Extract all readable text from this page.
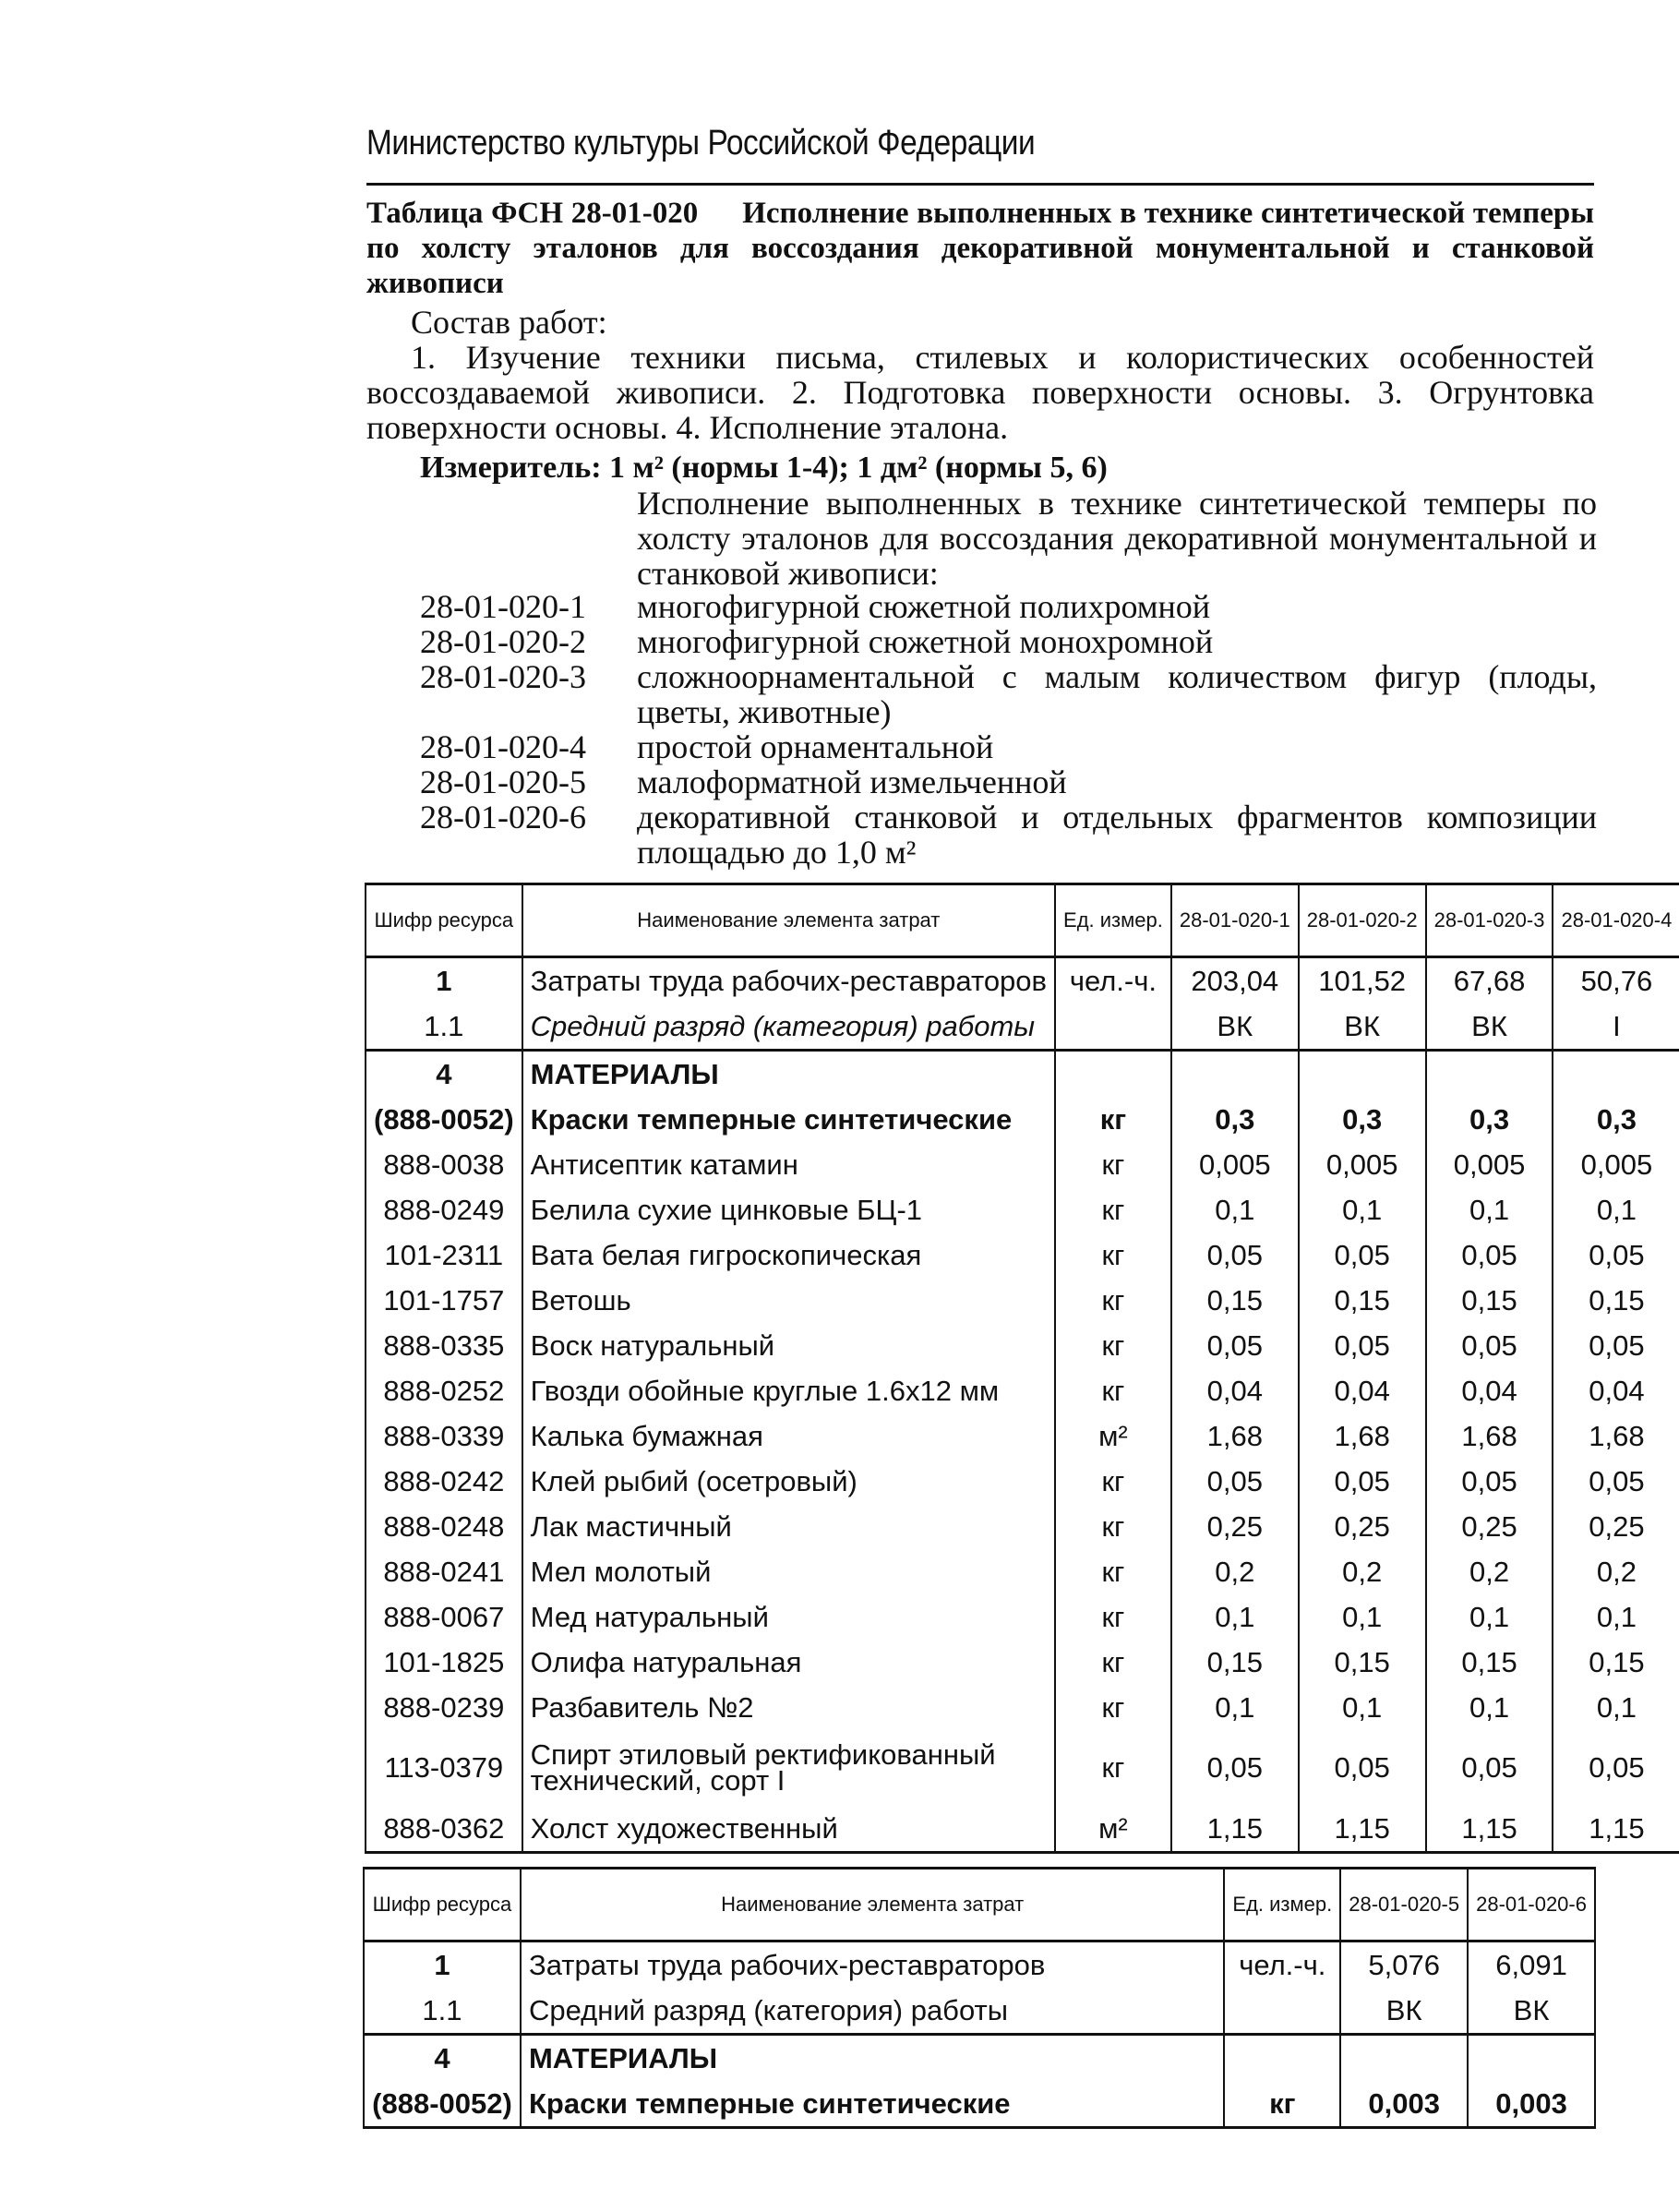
Министерство культуры Российской Федерации
Таблица ФСН 28-01-020 Исполнение выполненных в технике синтетической темперы по холсту эталонов для воссоздания декоративной монументальной и станковой живописи
Состав работ:
1. Изучение техники письма, стилевых и колористических особенностей воссоздаваемой живописи. 2. Подготовка поверхности основы. 3. Огрунтовка поверхности основы. 4. Исполнение эталона.
Измеритель: 1 м² (нормы 1-4); 1 дм² (нормы 5, 6)
Исполнение выполненных в технике синтетической темперы по холсту эталонов для воссоздания декоративной монументальной и станковой живописи:
28-01-020-1	многофигурной сюжетной полихромной
28-01-020-2	многофигурной сюжетной монохромной
28-01-020-3	сложноорнаментальной с малым количеством фигур (плоды, цветы, животные)
28-01-020-4	простой орнаментальной
28-01-020-5	малоформатной измельченной
28-01-020-6	декоративной станковой и отдельных фрагментов композиции площадью до 1,0 м²
Шифр ресурса	Наименование элемента затрат	Ед. измер.	28-01-020-1	28-01-020-2	28-01-020-3	28-01-020-4
1	Затраты труда рабочих-реставраторов	чел.-ч.	203,04	101,52	67,68	50,76
1.1	Средний разряд (категория) работы		ВК	ВК	ВК	I
4	МАТЕРИАЛЫ					
(888-0052)	Краски темперные синтетические	кг	0,3	0,3	0,3	0,3
888-0038	Антисептик катамин	кг	0,005	0,005	0,005	0,005
888-0249	Белила сухие цинковые БЦ-1	кг	0,1	0,1	0,1	0,1
101-2311	Вата белая гигроскопическая	кг	0,05	0,05	0,05	0,05
101-1757	Ветошь	кг	0,15	0,15	0,15	0,15
888-0335	Воск натуральный	кг	0,05	0,05	0,05	0,05
888-0252	Гвозди обойные круглые 1.6х12 мм	кг	0,04	0,04	0,04	0,04
888-0339	Калька бумажная	м²	1,68	1,68	1,68	1,68
888-0242	Клей рыбий (осетровый)	кг	0,05	0,05	0,05	0,05
888-0248	Лак мастичный	кг	0,25	0,25	0,25	0,25
888-0241	Мел молотый	кг	0,2	0,2	0,2	0,2
888-0067	Мед натуральный	кг	0,1	0,1	0,1	0,1
101-1825	Олифа натуральная	кг	0,15	0,15	0,15	0,15
888-0239	Разбавитель №2	кг	0,1	0,1	0,1	0,1
113-0379	Спирт этиловый ректификованный технический, сорт I	кг	0,05	0,05	0,05	0,05
888-0362	Холст художественный	м²	1,15	1,15	1,15	1,15
Шифр ресурса	Наименование элемента затрат	Ед. измер.	28-01-020-5	28-01-020-6
1	Затраты труда рабочих-реставраторов	чел.-ч.	5,076	6,091
1.1	Средний разряд (категория) работы		ВК	ВК
4	МАТЕРИАЛЫ			
(888-0052)	Краски темперные синтетические	кг	0,003	0,003
